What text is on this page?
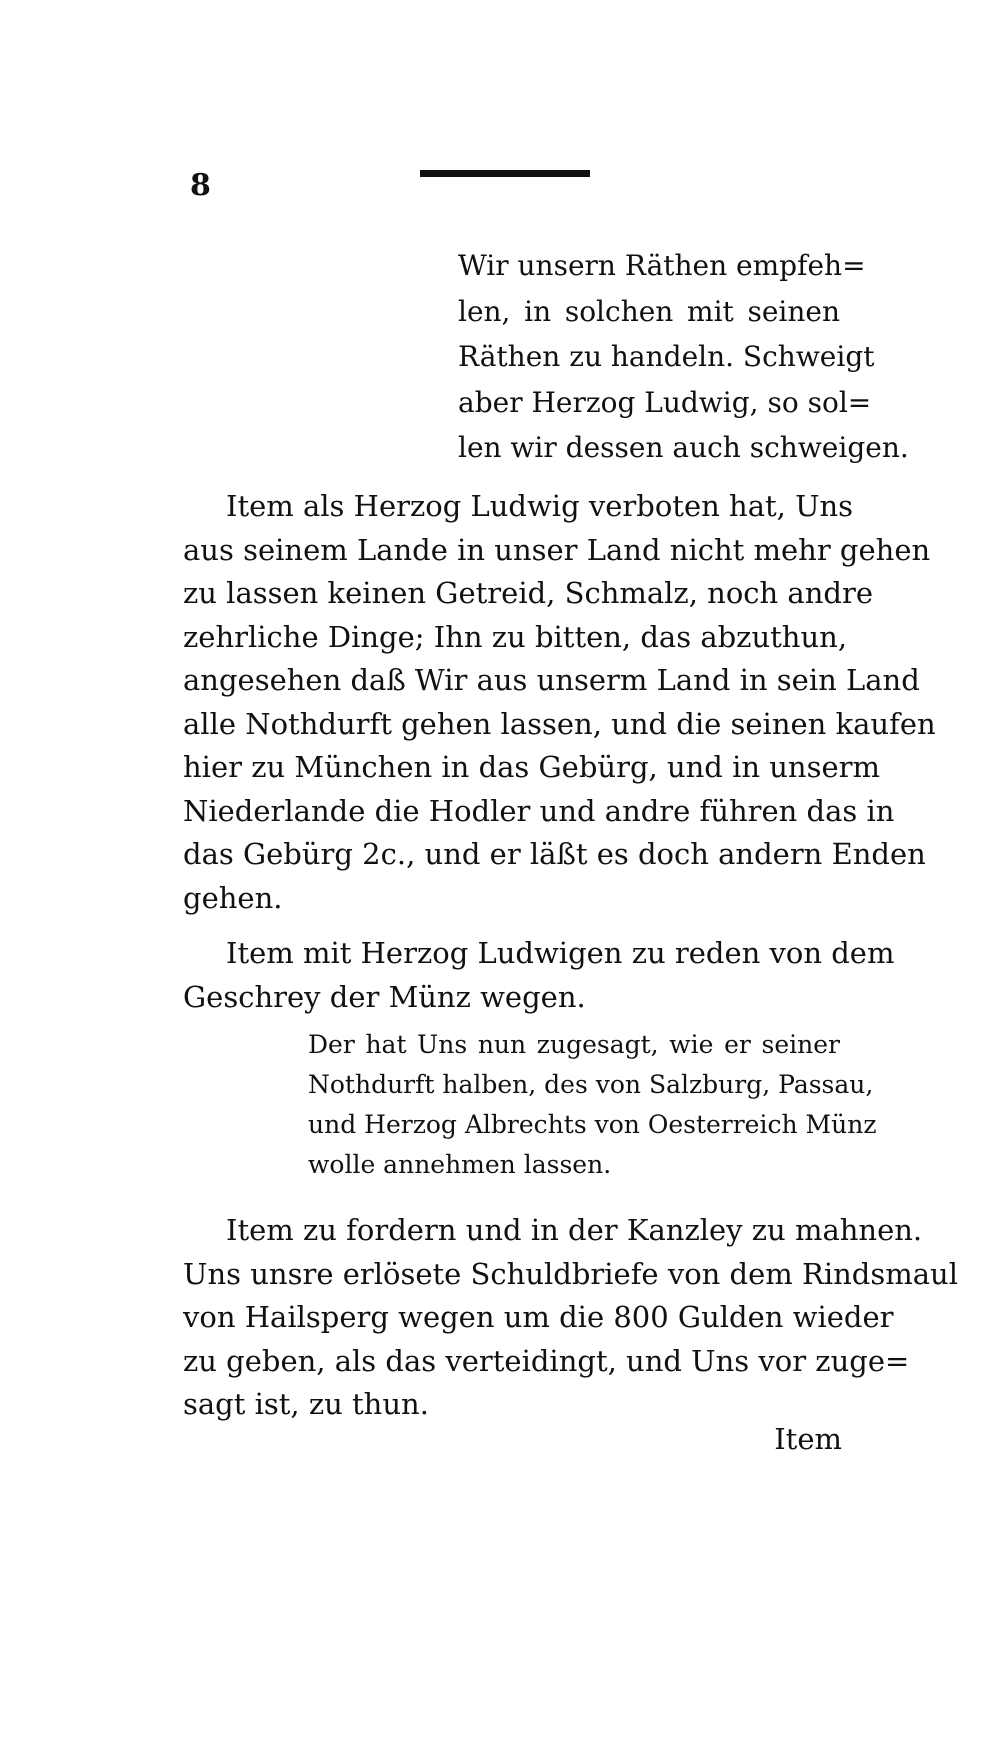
8
Wir unsern Räthen empfeh=
len, in solchen mit seinen
Räthen zu handeln. Schweigt
aber Herzog Ludwig, so sol=
len wir dessen auch schweigen.
Item als Herzog Ludwig verboten hat, Uns
aus seinem Lande in unser Land nicht mehr gehen
zu lassen keinen Getreid, Schmalz, noch andre
zehrliche Dinge; Ihn zu bitten, das abzuthun,
angesehen daß Wir aus unserm Land in sein Land
alle Nothdurft gehen lassen, und die seinen kaufen
hier zu München in das Gebürg, und in unserm
Niederlande die Hodler und andre führen das in
das Gebürg 2c., und er läßt es doch andern Enden
gehen.
Item mit Herzog Ludwigen zu reden von dem
Geschrey der Münz wegen.
Der hat Uns nun zugesagt, wie er seiner
Nothdurft halben, des von Salzburg, Passau,
und Herzog Albrechts von Oesterreich Münz
wolle annehmen lassen.
Item zu fordern und in der Kanzley zu mahnen.
Uns unsre erlösete Schuldbriefe von dem Rindsmaul
von Hailsperg wegen um die 800 Gulden wieder
zu geben, als das verteidingt, und Uns vor zuge=
sagt ist, zu thun.
Item
